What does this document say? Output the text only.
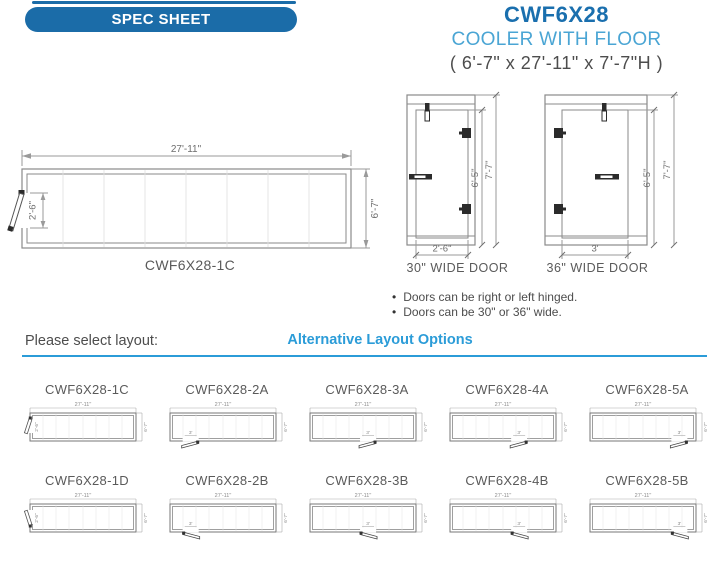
SPEC SHEET	CWF6X28
COOLER WITH FLOOR
( 6'-7" x 27'-11" x 7'-7"H )
27'-11"
2'-6"	6'-7"
CWF6X28-1C
6'-5" 7'-7"
2'-6"
30" WIDE DOOR
6'-5" 7'-7"
3'
36" WIDE DOOR
• Doors can be right or left hinged.
• Doors can be 30" or 36" wide.
Please select layout:	Alternative Layout Options
CWF6X28-1C
27'-11"
6'-7"
2'-6"
CWF6X28-2A
27'-11"
6'-7"
3'
CWF6X28-3A
27'-11"
6'-7"
3'
CWF6X28-4A
27'-11"
6'-7"
3'
CWF6X28-5A
27'-11"
6'-7"
3'
CWF6X28-1D
27'-11"
6'-7"
2'-6"
CWF6X28-2B
27'-11"
6'-7"
3'
CWF6X28-3B
27'-11"
6'-7"
3'
CWF6X28-4B
27'-11"
6'-7"
3'
CWF6X28-5B
27'-11"
6'-7"
3'
